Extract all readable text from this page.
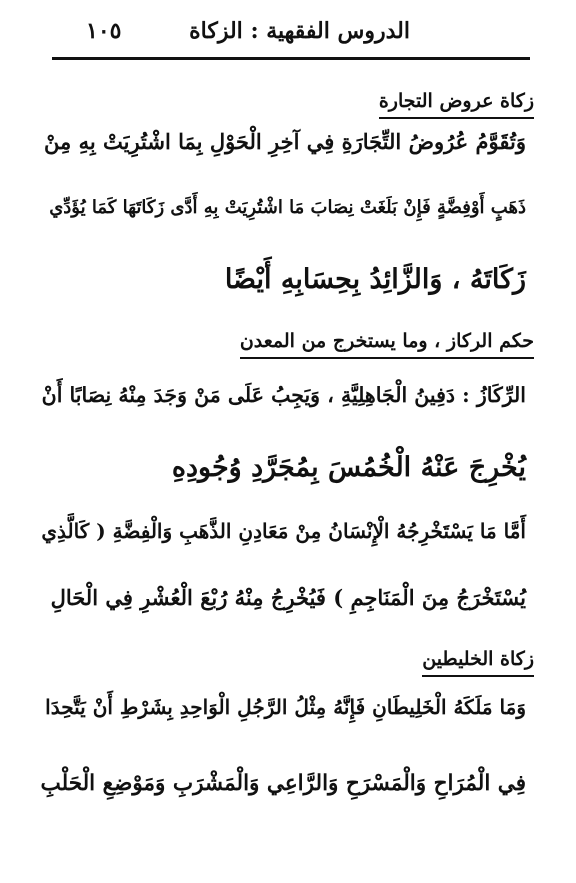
الدروس الفقهية : الزكاة
١٠٥
زكاة عروض التجارة
وَتُقَوَّمُ عُرُوضُ التِّجَارَةِ فِي آخِرِ الْحَوْلِ بِمَا اشْتُرِيَتْ بِهِ مِنْ
ذَهَبٍ أَوْفِضَّةٍ فَإِنْ بَلَغَتْ نِصَابَ مَا اشْتُرِيَتْ بِهِ أَدَّى زَكَاتَهَا كَمَا يُؤَدِّي
زَكَاتَهُ ، وَالزَّائِدُ بِحِسَابِهِ أَيْضًا
حكم الركاز ، وما يستخرج من المعدن
الرِّكَازُ : دَفِينُ الْجَاهِلِيَّةِ ، وَيَجِبُ عَلَى مَنْ وَجَدَ مِنْهُ نِصَابًا أَنْ
يُخْرِجَ عَنْهُ الْخُمُسَ بِمُجَرَّدِ وُجُودِهِ
أَمَّا مَا يَسْتَخْرِجُهُ الْإِنْسَانُ مِنْ مَعَادِنِ الذَّهَبِ وَالْفِضَّةِ ( كَالَّذِي
يُسْتَخْرَجُ مِنَ الْمَنَاجِمِ ) فَيُخْرِجُ مِنْهُ رُبْعَ الْعُشْرِ فِي الْحَالِ
زكاة الخليطين
وَمَا مَلَكَهُ الْخَلِيطَانِ فَإِنَّهُ مِثْلُ الرَّجُلِ الْوَاحِدِ بِشَرْطِ أَنْ يَتَّحِدَا
فِي الْمُرَاحِ وَالْمَسْرَحِ وَالرَّاعِي وَالْمَشْرَبِ وَمَوْضِعِ الْحَلْبِ
